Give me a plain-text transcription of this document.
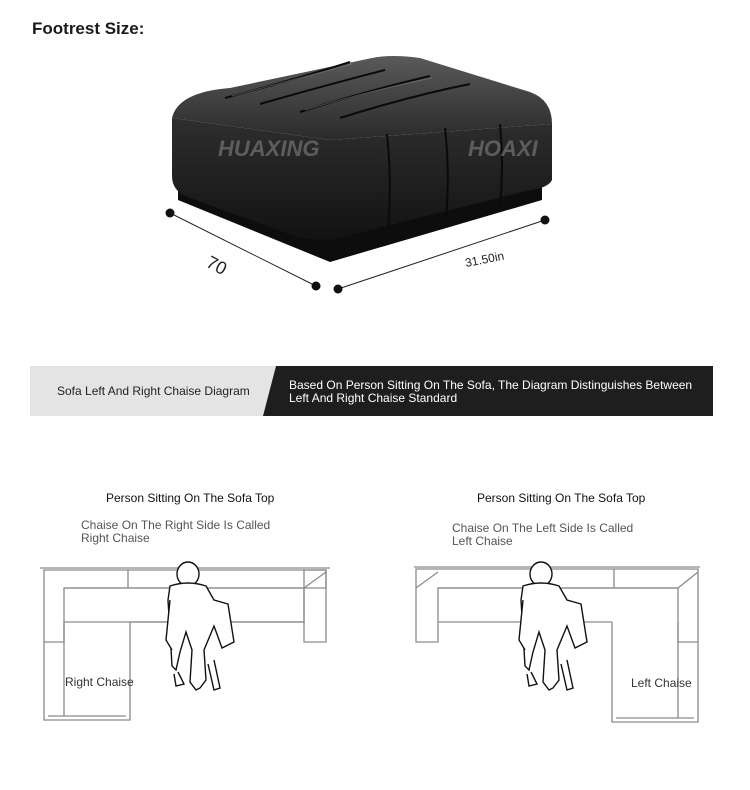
Footrest Size:
HUAXING	HOAXI
70	31.50in
Sofa Left And Right Chaise Diagram	Based On Person Sitting On The Sofa, The Diagram Distinguishes Between Left And Right Chaise Standard
Person Sitting On The Sofa Top
Chaise On The Right Side Is Called Right Chaise
Person Sitting On The Sofa Top
Chaise On The Left Side Is Called Left Chaise
Right Chaise	Left Chaise
